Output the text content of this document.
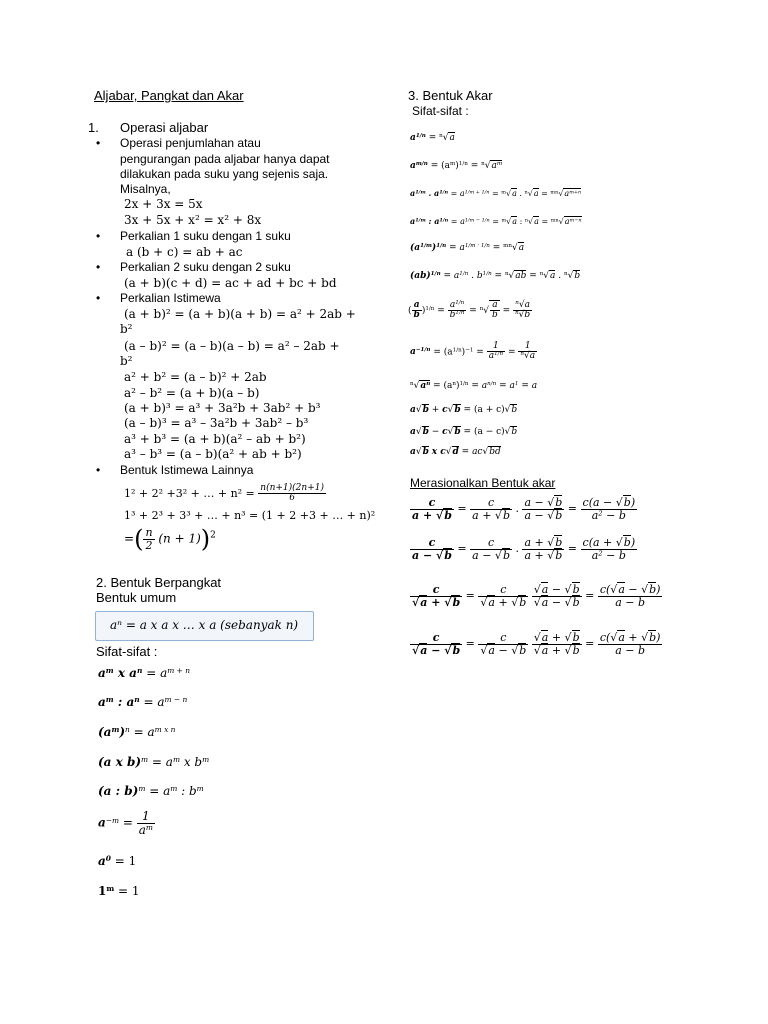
Aljabar, Pangkat dan Akar
1. Operasi aljabar
• Operasi penjumlahan atau
pengurangan pada aljabar hanya dapat
dilakukan pada suku yang sejenis saja.
Misalnya,
2x + 3x = 5x
3x + 5x + x² = x² + 8x
• Perkalian 1 suku dengan 1 suku
a (b + c) = ab + ac
• Perkalian 2 suku dengan 2 suku
(a + b)(c + d) = ac + ad + bc + bd
• Perkalian Istimewa
(a + b)² = (a + b)(a + b) = a² + 2ab +
b²
(a – b)² = (a – b)(a – b) = a² – 2ab +
b²
a² + b² = (a – b)² + 2ab
a² – b² = (a + b)(a – b)
(a + b)³ = a³ + 3a²b + 3ab² + b³
(a – b)³ = a³ – 3a²b + 3ab² – b³
a³ + b³ = (a + b)(a² – ab + b²)
a³ – b³ = (a – b)(a² + ab + b²)
• Bentuk Istimewa Lainnya
1² + 2² +3² + … + $n^2 = \frac{n(n+1)(2n+1)}{6}$
1³ + 2³ + 3³ + … + n³ = (1 + 2 +3 + … + n)²
=( $\frac{n}{2} (n + 1))^2$
2. Bentuk Berpangkat
Bentuk umum
aⁿ = a x a x … x a (sebanyak n)
Sifat-sifat :
$a^m$ x $a^n = a^{m + n}$
$a^m$ : $a^n = a^{m - n}$
$(a^m)^n = a^{m x n}$
(a x $b)^m = a^m$ x $b^m$
(a : $b)^m = a^m$ : $b^m$
$a^{-m} = \frac{1}{a^m}$
$a^0 = 1$
$1^m = 1$
3. Bentuk Akar
Sifat-sifat :
$a^{1/n} = ^n√a$
$a^{m/n} = (a^m)^{1/n} = ^n√a^m$
$a^{1/m}$ . $a^{1/n} = a^{1/m + 1/n} = ^m√a$ . $^n√a = ^{mn}√a^{m+n}$
$a^{1/m}$ : $a^{1/n} = a^{1/m - 1/n} = ^m√a$ : $^n√a = ^{mn}√a^{m-n}$
$(a^{1/m})^{1/n} = a^{1/m \cdot 1/n} = ^{mn}√a$
$(ab)^{1/n} = a^{1/n}$ . $b^{1/n} = ^n√ab = ^n√a$ . $^n$√b
( $\frac{a}{b} )^{1/n} = \frac{a^{1/n}}{b^{1/n}} = ^n√ \frac{a}{b} = \frac{^n√a}{^n√b}$
$a^{-1/n} = (a^{1/n})^{-1} = \frac{1}{a^{1/n}} = \frac{1}{^n√a}$
$^n√a^n = (a^n)^{1/n} = a^{n/n} = a^1 = a$
a√b + c√b = (a + c)√b
a√b − c√b = (a − c)√b
a√b x c√d = ac√bd
Merasionalkan Bentuk akar
$\frac{c}{a + √b} = \frac{c}{a + √b}$ . $\frac{a - √b}{a - √b} = \frac{c(a - √b)}{a^2 - b}$
$\frac{c}{a - √b} = \frac{c}{a - √b}$ . $\frac{a + √b}{a + √b} = \frac{c(a + √b)}{a^2 - b}$
$\frac{c}{√a + √b} = \frac{c}{√a + √b}$
$\frac{√a - √b}{√a - √b} = \frac{c(√a - √b)}{a - b}$
$\frac{c}{√a - √b} = \frac{c}{√a - √b}$
$\frac{√a + √b}{√a + √b} = \frac{c(√a + √b)}{a - b}$
